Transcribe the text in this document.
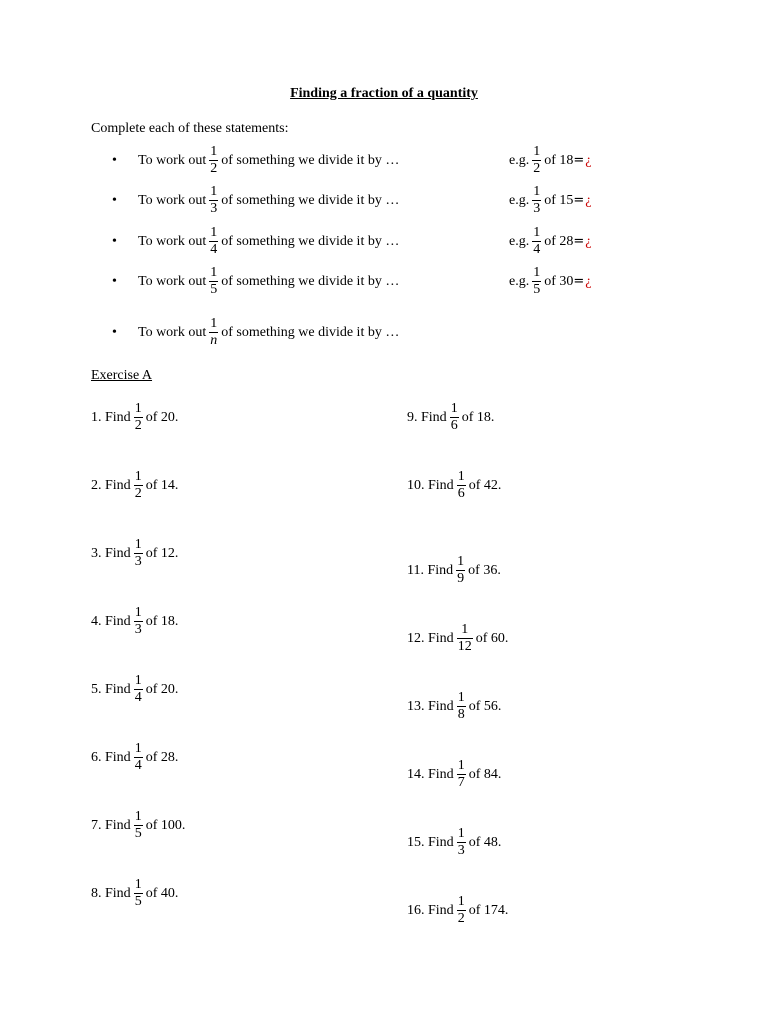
Finding a fraction of a quantity
Complete each of these statements:
• To work out $\frac{1}{2}$ of something we divide it by …	e.g. $\frac{1}{2}$ of 18 = ¿
• To work out $\frac{1}{3}$ of something we divide it by …	e.g. $\frac{1}{3}$ of 15 = ¿
• To work out $\frac{1}{4}$ of something we divide it by …	e.g. $\frac{1}{4}$ of 28 = ¿
• To work out $\frac{1}{5}$ of something we divide it by …	e.g. $\frac{1}{5}$ of 30 = ¿
• To work out $\frac{1}{n}$ of something we divide it by …
Exercise A
1. Find $\frac{1}{2}$ of 20.
2. Find $\frac{1}{2}$ of 14.
3. Find $\frac{1}{3}$ of 12.
4. Find $\frac{1}{3}$ of 18.
5. Find $\frac{1}{4}$ of 20.
6. Find $\frac{1}{4}$ of 28.
7. Find $\frac{1}{5}$ of 100.
8. Find $\frac{1}{5}$ of 40.
9. Find $\frac{1}{6}$ of 18.
10. Find $\frac{1}{6}$ of 42.
11. Find $\frac{1}{9}$ of 36.
12. Find $\frac{1}{12}$ of 60.
13. Find $\frac{1}{8}$ of 56.
14. Find $\frac{1}{7}$ of 84.
15. Find $\frac{1}{3}$ of 48.
16. Find $\frac{1}{2}$ of 174.
